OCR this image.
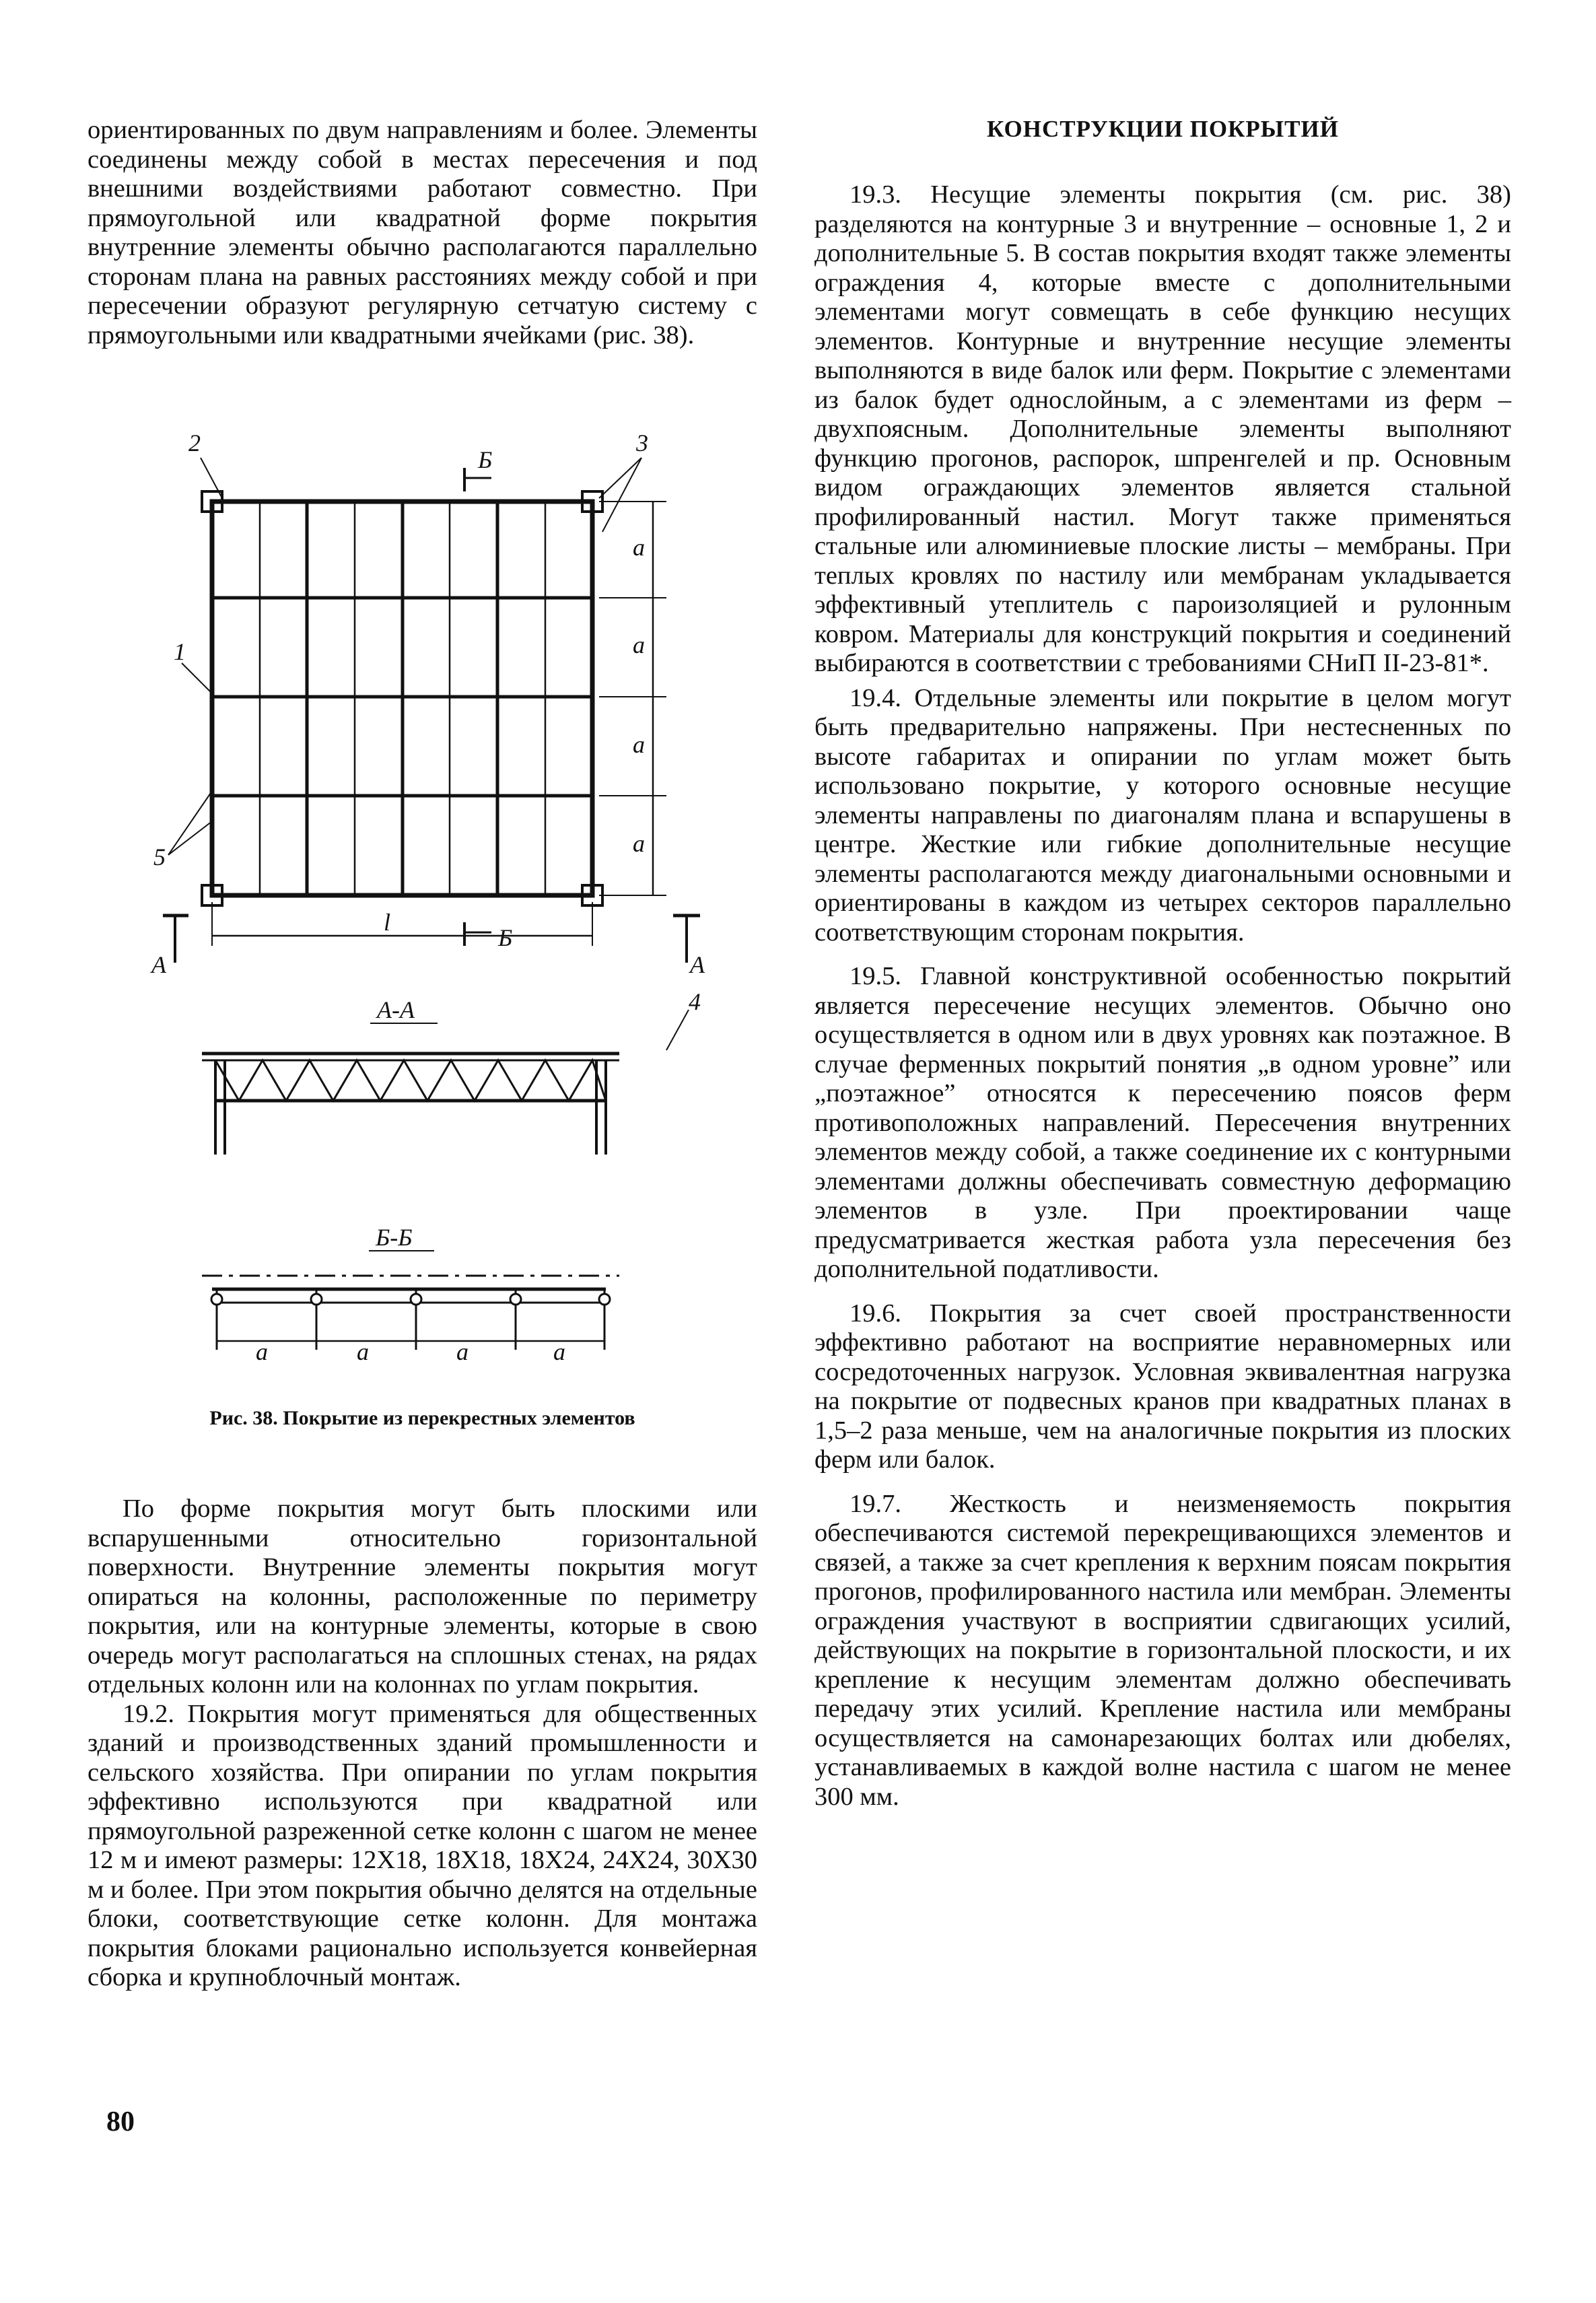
ориентированных по двум направлениям и более. Элементы соединены между собой в местах пересечения и под внешними воздействиями работают совместно. При прямоугольной или квадратной форме покрытия внутренние элементы обычно располагаются параллельно сторонам плана на равных расстояниях между собой и при пересечении образуют регулярную сетчатую систему с прямоугольными или квадратными ячейками (рис. 38).

2	3
1
5
Б
Б
A	A
l
a
a
a
a
А-А	4
Б-Б
a	a	a	a
Рис. 38. Покрытие из перекрестных элементов

По форме покрытия могут быть плоскими или вспарушенными относительно горизонтальной поверхности. Внутренние элементы покрытия могут опираться на колонны, расположенные по периметру покрытия, или на контурные элементы, которые в свою очередь могут располагаться на сплошных стенах, на рядах отдельных колонн или на колоннах по углам покрытия.

19.2. Покрытия могут применяться для общественных зданий и производственных зданий промышленности и сельского хозяйства. При опирании по углам покрытия эффективно используются при квадратной или прямоугольной разреженной сетке колонн с шагом не менее 12 м и имеют размеры: 12Х18, 18Х18, 18Х24, 24Х24, 30Х30 м и более. При этом покрытия обычно делятся на отдельные блоки, соответствующие сетке колонн. Для монтажа покрытия блоками рационально используется конвейерная сборка и крупноблочный монтаж.

КОНСТРУКЦИИ ПОКРЫТИЙ

19.3. Несущие элементы покрытия (см. рис. 38) разделяются на контурные 3 и внутренние – основные 1, 2 и дополнительные 5. В состав покрытия входят также элементы ограждения 4, которые вместе с дополнительными элементами могут совмещать в себе функцию несущих элементов. Контурные и внутренние несущие элементы выполняются в виде балок или ферм. Покрытие с элементами из балок будет однослойным, а с элементами из ферм – двухпоясным. Дополнительные элементы выполняют функцию прогонов, распорок, шпренгелей и пр. Основным видом ограждающих элементов является стальной профилированный настил. Могут также применяться стальные или алюминиевые плоские листы – мембраны. При теплых кровлях по настилу или мембранам укладывается эффективный утеплитель с пароизоляцией и рулонным ковром. Материалы для конструкций покрытия и соединений выбираются в соответствии с требованиями СНиП II-23-81*.

19.4. Отдельные элементы или покрытие в целом могут быть предварительно напряжены. При нестесненных по высоте габаритах и опирании по углам может быть использовано покрытие, у которого основные несущие элементы направлены по диагоналям плана и вспарушены в центре. Жесткие или гибкие дополнительные несущие элементы располагаются между диагональными основными и ориентированы в каждом из четырех секторов параллельно соответствующим сторонам покрытия.

19.5. Главной конструктивной особенностью покрытий является пересечение несущих элементов. Обычно оно осуществляется в одном или в двух уровнях как поэтажное. В случае ферменных покрытий понятия „в одном уровне” или „поэтажное” относятся к пересечению поясов ферм противоположных направлений. Пересечения внутренних элементов между собой, а также соединение их с контурными элементами должны обеспечивать совместную деформацию элементов в узле. При проектировании чаще предусматривается жесткая работа узла пересечения без дополнительной податливости.

19.6. Покрытия за счет своей пространственности эффективно работают на восприятие неравномерных или сосредоточенных нагрузок. Условная эквивалентная нагрузка на покрытие от подвесных кранов при квадратных планах в 1,5–2 раза меньше, чем на аналогичные покрытия из плоских ферм или балок.

19.7. Жесткость и неизменяемость покрытия обеспечиваются системой перекрещивающихся элементов и связей, а также за счет крепления к верхним поясам покрытия прогонов, профилированного настила или мембран. Элементы ограждения участвуют в восприятии сдвигающих усилий, действующих на покрытие в горизонтальной плоскости, и их крепление к несущим элементам должно обеспечивать передачу этих усилий. Крепление настила или мембраны осуществляется на самонарезающих болтах или дюбелях, устанавливаемых в каждой волне настила с шагом не менее 300 мм.

80
